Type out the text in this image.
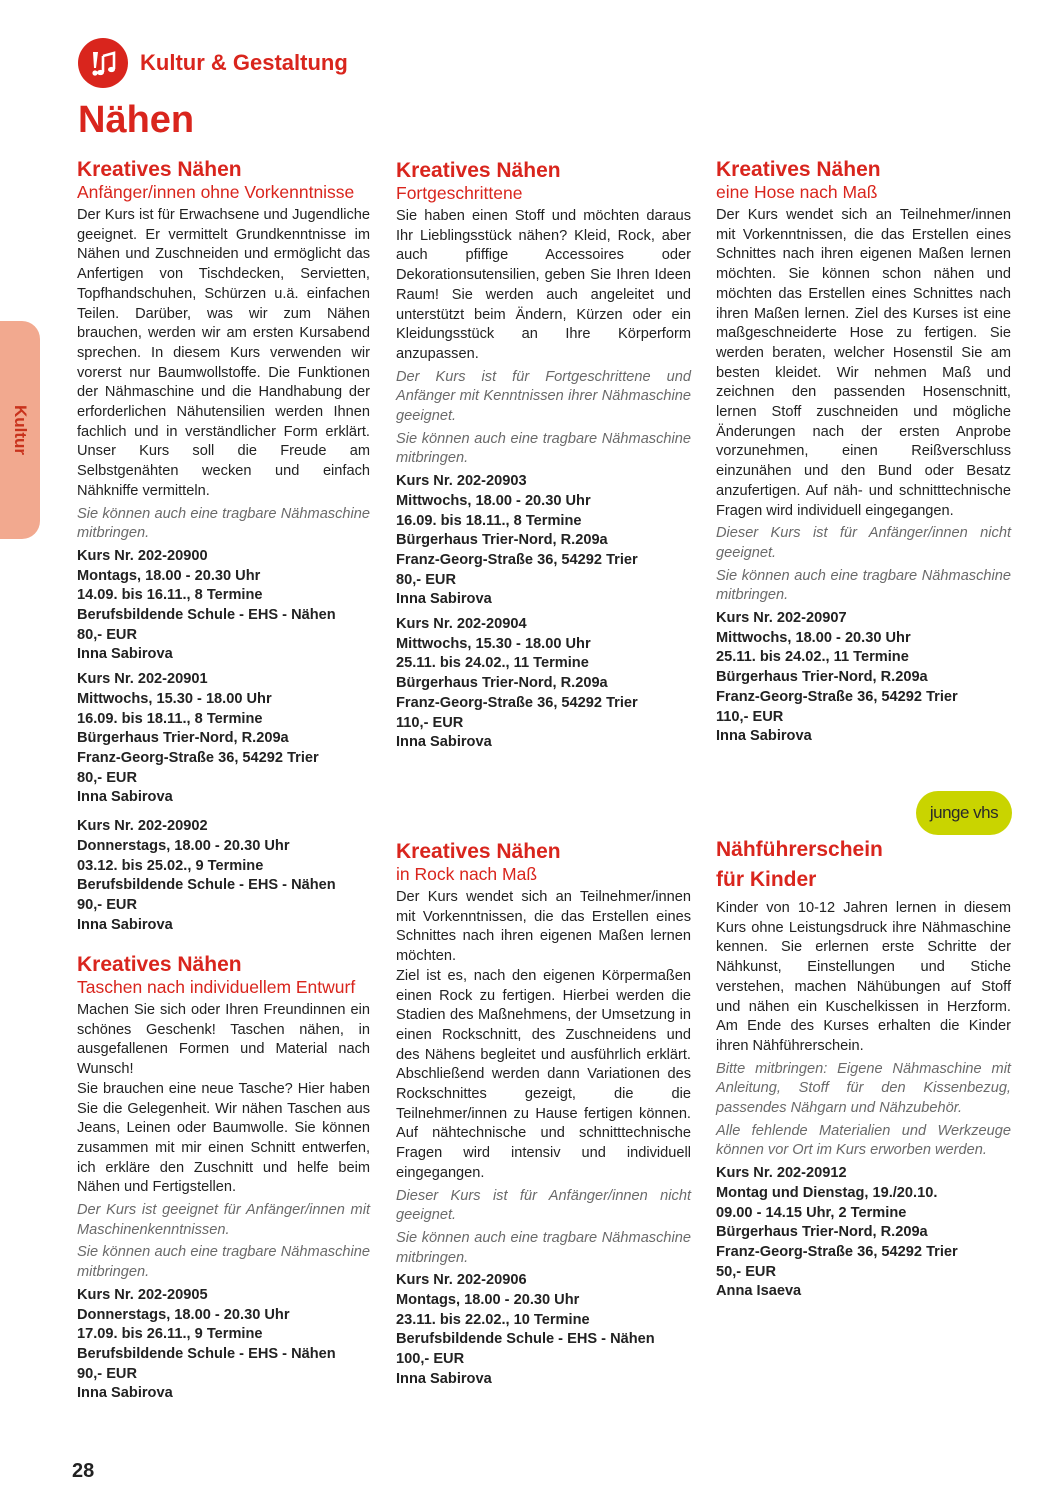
Kultur & Gestaltung
Nähen
Kultur
Kreatives Nähen
Anfänger/innen ohne Vorkenntnisse

Der Kurs ist für Erwachsene und Jugendliche geeignet. Er vermittelt Grundkenntnisse im Nähen und Zuschneiden und ermöglicht das Anfertigen von Tischdecken, Servietten, Topfhandschuhen, Schürzen u.ä. einfachen Teilen. Darüber, was wir zum Nähen brauchen, werden wir am ersten Kursabend sprechen. In diesem Kurs verwenden wir vorerst nur Baumwollstoffe. Die Funktionen der Nähmaschine und die Handhabung der erforderlichen Nähutensilien werden Ihnen fachlich und in verständlicher Form erklärt. Unser Kurs soll die Freude am Selbstgenähten wecken und einfach Nähkniffe vermitteln.

Sie können auch eine tragbare Nähmaschine mitbringen.

Kurs Nr. 202-20900
Montags, 18.00 - 20.30 Uhr
14.09. bis 16.11., 8 Termine
Berufsbildende Schule - EHS - Nähen
80,- EUR
Inna Sabirova
Kurs Nr. 202-20901
Mittwochs, 15.30 - 18.00 Uhr
16.09. bis 18.11., 8 Termine
Bürgerhaus Trier-Nord, R.209a
Franz-Georg-Straße 36, 54292 Trier
80,- EUR
Inna Sabirova
Kurs Nr. 202-20902
Donnerstags, 18.00 - 20.30 Uhr
03.12. bis 25.02., 9 Termine
Berufsbildende Schule - EHS - Nähen
90,- EUR
Inna Sabirova
Kreatives Nähen
Taschen nach individuellem Entwurf

Machen Sie sich oder Ihren Freundinnen ein schönes Geschenk! Taschen nähen, in ausgefallenen Formen und Material nach Wunsch!

Sie brauchen eine neue Tasche? Hier haben Sie die Gelegenheit. Wir nähen Taschen aus Jeans, Leinen oder Baumwolle. Sie können zusammen mit mir einen Schnitt entwerfen, ich erkläre den Zuschnitt und helfe beim Nähen und Fertigstellen.

Der Kurs ist geeignet für Anfänger/innen mit Maschinenkenntnissen.

Sie können auch eine tragbare Nähmaschine mitbringen.

Kurs Nr. 202-20905
Donnerstags, 18.00 - 20.30 Uhr
17.09. bis 26.11., 9 Termine
Berufsbildende Schule - EHS - Nähen
90,- EUR
Inna Sabirova
Kreatives Nähen
Fortgeschrittene

Sie haben einen Stoff und möchten daraus Ihr Lieblingsstück nähen? Kleid, Rock, aber auch pfiffige Accessoires oder Dekorationsutensilien, geben Sie Ihren Ideen Raum! Sie werden auch angeleitet und unterstützt beim Ändern, Kürzen oder ein Kleidungsstück an Ihre Körperform anzupassen.

Der Kurs ist für Fortgeschrittene und Anfänger mit Kenntnissen ihrer Nähmaschine geeignet.

Sie können auch eine tragbare Nähmaschine mitbringen.

Kurs Nr. 202-20903
Mittwochs, 18.00 - 20.30 Uhr
16.09. bis 18.11., 8 Termine
Bürgerhaus Trier-Nord, R.209a
Franz-Georg-Straße 36, 54292 Trier
80,- EUR
Inna Sabirova
Kurs Nr. 202-20904
Mittwochs, 15.30 - 18.00 Uhr
25.11. bis 24.02., 11 Termine
Bürgerhaus Trier-Nord, R.209a
Franz-Georg-Straße 36, 54292 Trier
110,- EUR
Inna Sabirova
Kreatives Nähen
in Rock nach Maß

Der Kurs wendet sich an Teilnehmer/innen mit Vorkenntnissen, die das Erstellen eines Schnittes nach ihren eigenen Maßen lernen möchten.

Ziel ist es, nach den eigenen Körpermaßen einen Rock zu fertigen. Hierbei werden die Stadien des Maßnehmens, der Umsetzung in einen Rockschnitt, des Zuschneidens und des Nähens begleitet und ausführlich erklärt. Abschließend werden dann Variationen des Rockschnittes gezeigt, die die Teilnehmer/innen zu Hause fertigen können. Auf nähtechnische und schnitttechnische Fragen wird intensiv und individuell eingegangen.

Dieser Kurs ist für Anfänger/innen nicht geeignet.

Sie können auch eine tragbare Nähmaschine mitbringen.

Kurs Nr. 202-20906
Montags, 18.00 - 20.30 Uhr
23.11. bis 22.02., 10 Termine
Berufsbildende Schule - EHS - Nähen
100,- EUR
Inna Sabirova
Kreatives Nähen
eine Hose nach Maß

Der Kurs wendet sich an Teilnehmer/innen mit Vorkenntnissen, die das Erstellen eines Schnittes nach ihren eigenen Maßen lernen möchten. Sie können schon nähen und möchten das Erstellen eines Schnittes nach ihren Maßen lernen. Ziel des Kurses ist eine maßgeschneiderte Hose zu fertigen. Sie werden beraten, welcher Hosenstil Sie am besten kleidet. Wir nehmen Maß und zeichnen den passenden Hosenschnitt, lernen Stoff zuschneiden und mögliche Änderungen nach der ersten Anprobe vorzunehmen, einen Reißverschluss einzunähen und den Bund oder Besatz anzufertigen. Auf näh- und schnitttechnische Fragen wird individuell eingegangen.

Dieser Kurs ist für Anfänger/innen nicht geeignet.

Sie können auch eine tragbare Nähmaschine mitbringen.

Kurs Nr. 202-20907
Mittwochs, 18.00 - 20.30 Uhr
25.11. bis 24.02., 11 Termine
Bürgerhaus Trier-Nord, R.209a
Franz-Georg-Straße 36, 54292 Trier
110,- EUR
Inna Sabirova
junge vhs
Nähführerschein
für Kinder

Kinder von 10-12 Jahren lernen in diesem Kurs ohne Leistungsdruck ihre Nähmaschine kennen. Sie erlernen erste Schritte der Nähkunst, Einstellungen und Stiche verstehen, machen Nähübungen auf Stoff und nähen ein Kuschelkissen in Herzform. Am Ende des Kurses erhalten die Kinder ihren Nähführerschein.

Bitte mitbringen: Eigene Nähmaschine mit Anleitung, Stoff für den Kissenbezug, passendes Nähgarn und Nähzubehör.

Alle fehlende Materialien und Werkzeuge können vor Ort im Kurs erworben werden.

Kurs Nr. 202-20912
Montag und Dienstag, 19./20.10.
09.00 - 14.15 Uhr, 2 Termine
Bürgerhaus Trier-Nord, R.209a
Franz-Georg-Straße 36, 54292 Trier
50,- EUR
Anna Isaeva
28
